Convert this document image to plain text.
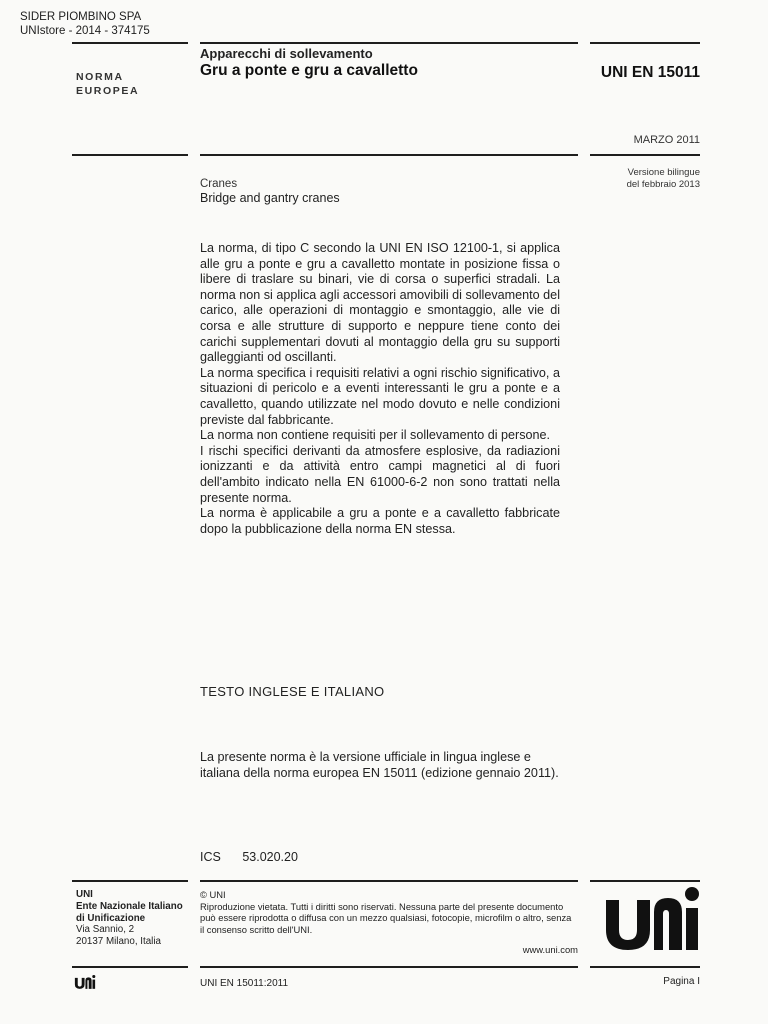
SIDER PIOMBINO SPA
UNIstore - 2014 - 374175
NORMA
EUROPEA
Apparecchi di sollevamento
Gru a ponte e gru a cavalletto	UNI EN 15011
MARZO 2011
Versione bilingue
del febbraio 2013
Cranes
Bridge and gantry cranes

La norma, di tipo C secondo la UNI EN ISO 12100-1, si applica alle gru a ponte e gru a cavalletto montate in posizione fissa o libere di traslare su binari, vie di corsa o superfici stradali. La norma non si applica agli accessori amovibili di sollevamento del carico, alle operazioni di montaggio e smontaggio, alle vie di corsa e alle strutture di supporto e neppure tiene conto dei carichi supplementari dovuti al montaggio della gru su supporti galleggianti od oscillanti.

La norma specifica i requisiti relativi a ogni rischio significativo, a situazioni di pericolo e a eventi interessanti le gru a ponte e a cavalletto, quando utilizzate nel modo dovuto e nelle condizioni previste dal fabbricante.

La norma non contiene requisiti per il sollevamento di persone.

I rischi specifici derivanti da atmosfere esplosive, da radiazioni ionizzanti e da attività entro campi magnetici al di fuori dell'ambito indicato nella EN 61000-6-2 non sono trattati nella presente norma.

La norma è applicabile a gru a ponte e a cavalletto fabbricate dopo la pubblicazione della norma EN stessa.

TESTO INGLESE E ITALIANO
La presente norma è la versione ufficiale in lingua inglese e italiana della norma europea EN 15011 (edizione gennaio 2011).
ICS 53.020.20
UNI
Ente Nazionale Italiano
di Unificazione
Via Sannio, 2
20137 Milano, Italia
© UNI
Riproduzione vietata. Tutti i diritti sono riservati. Nessuna parte del presente documento può essere riprodotta o diffusa con un mezzo qualsiasi, fotocopie, microfilm o altro, senza il consenso scritto dell'UNI.
www.uni.com
UNI EN 15011:2011	Pagina I
